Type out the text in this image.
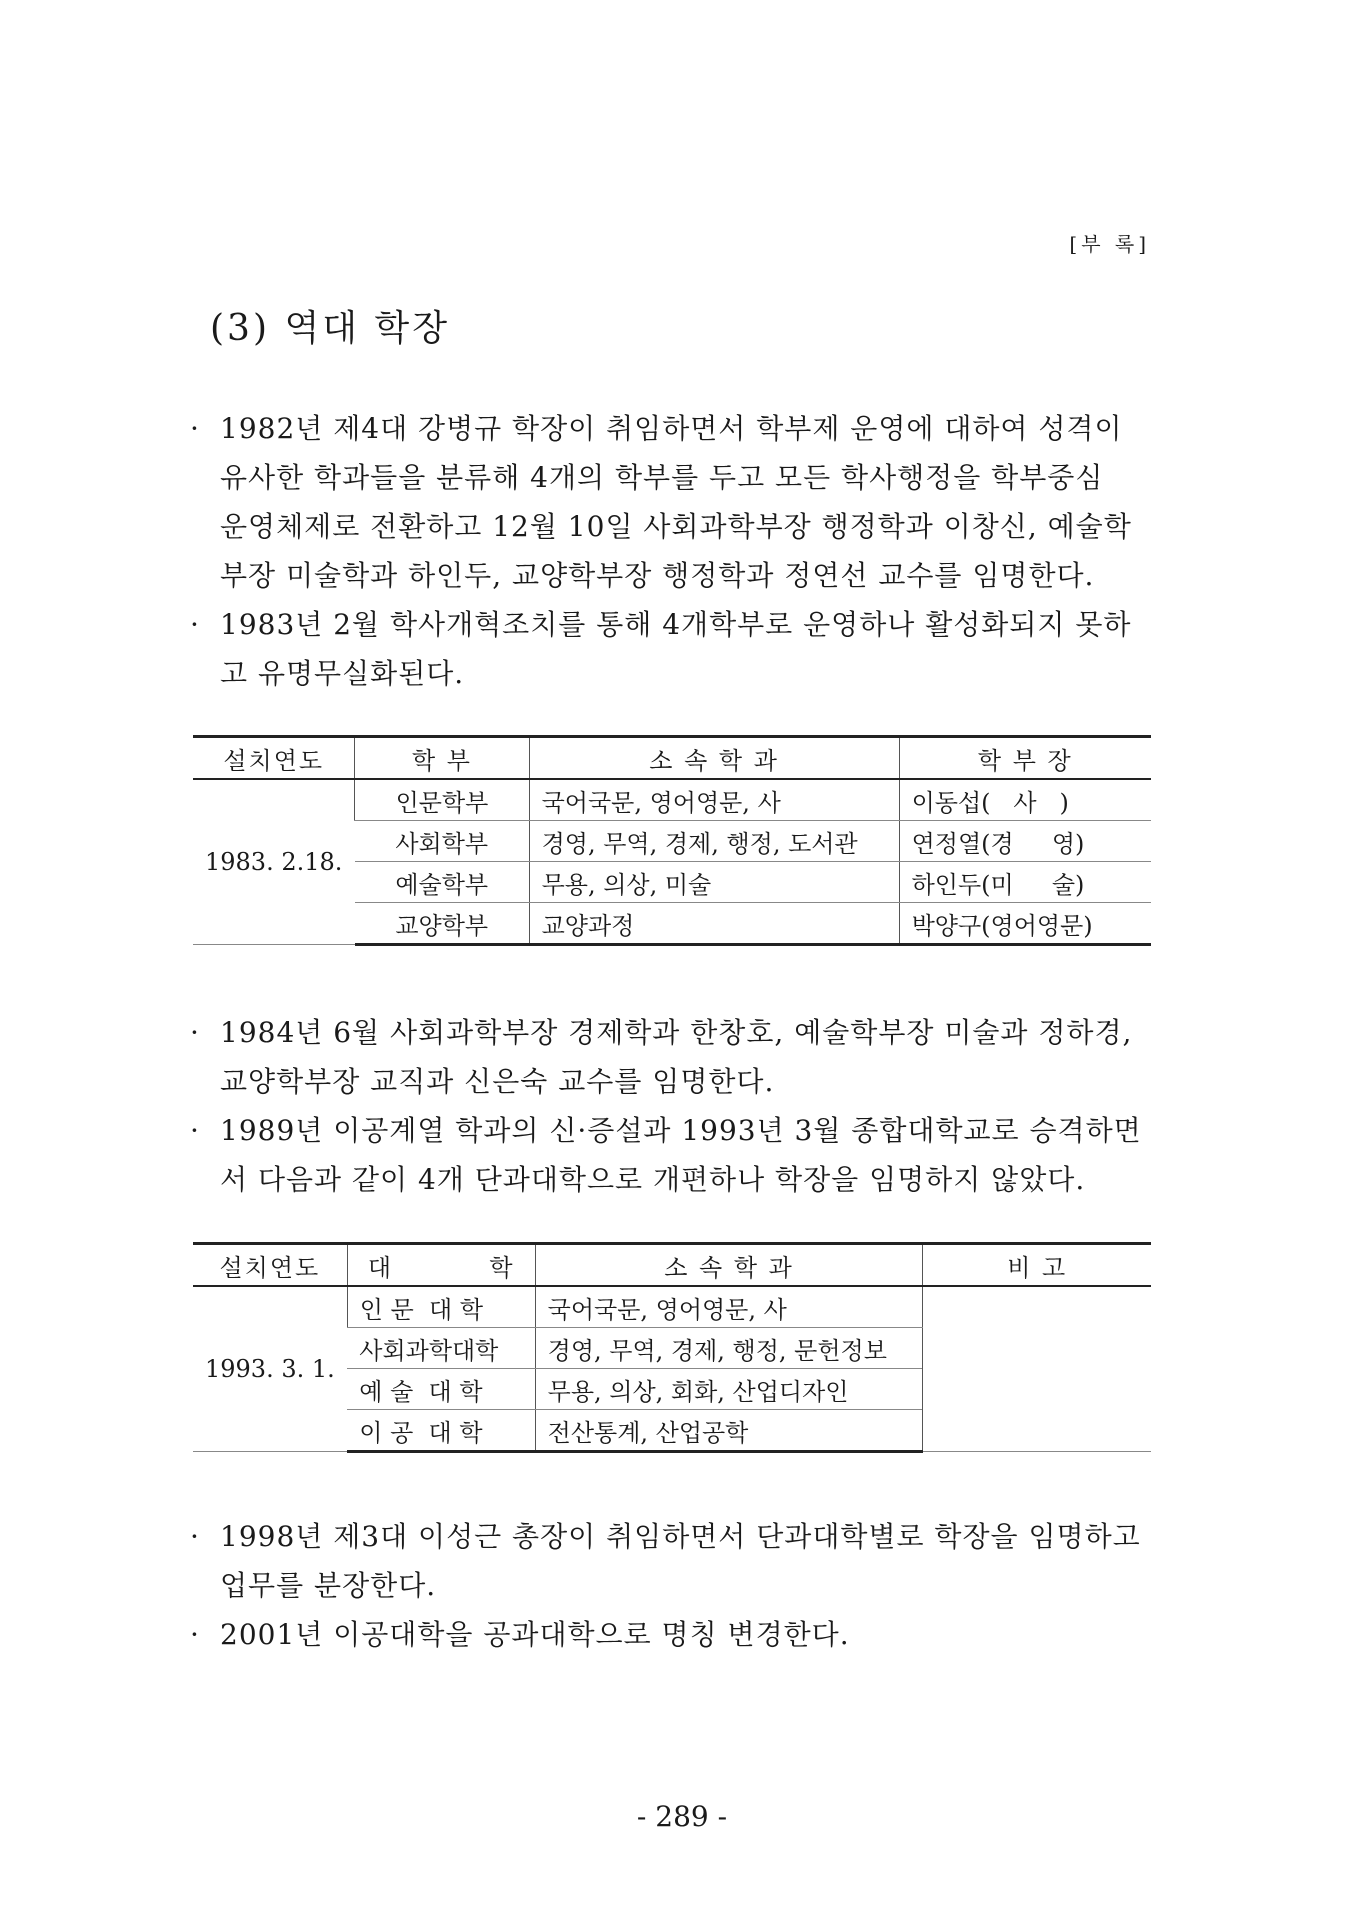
[부 록]
(3) 역대 학장
· 1982년 제4대 강병규 학장이 취임하면서 학부제 운영에 대하여 성격이
유사한 학과들을 분류해 4개의 학부를 두고 모든 학사행정을 학부중심
운영체제로 전환하고 12월 10일 사회과학부장 행정학과 이창신, 예술학
부장 미술학과 하인두, 교양학부장 행정학과 정연선 교수를 임명한다.
· 1983년 2월 학사개혁조치를 통해 4개학부로 운영하나 활성화되지 못하
고 유명무실화된다.
설치연도	학 부	소 속 학 과	학 부 장
1983. 2.18.	인문학부	국어국문, 영어영문, 사	이동섭(   사   )
	사회학부	경영, 무역, 경제, 행정, 도서관	연정열(경     영)
	예술학부	무용, 의상, 미술	하인두(미     술)
	교양학부	교양과정	박양구(영어영문)
· 1984년 6월 사회과학부장 경제학과 한창호, 예술학부장 미술과 정하경,
교양학부장 교직과 신은숙 교수를 임명한다.
· 1989년 이공계열 학과의 신·증설과 1993년 3월 종합대학교로 승격하면
서 다음과 같이 4개 단과대학으로 개편하나 학장을 임명하지 않았다.
설치연도	대          학	소 속 학 과	비 고
1993. 3. 1.	인 문  대 학	국어국문, 영어영문, 사	
	사회과학대학	경영, 무역, 경제, 행정, 문헌정보	
	예 술  대 학	무용, 의상, 회화, 산업디자인	
	이 공  대 학	전산통계, 산업공학	
· 1998년 제3대 이성근 총장이 취임하면서 단과대학별로 학장을 임명하고
업무를 분장한다.
· 2001년 이공대학을 공과대학으로 명칭 변경한다.
- 289 -
